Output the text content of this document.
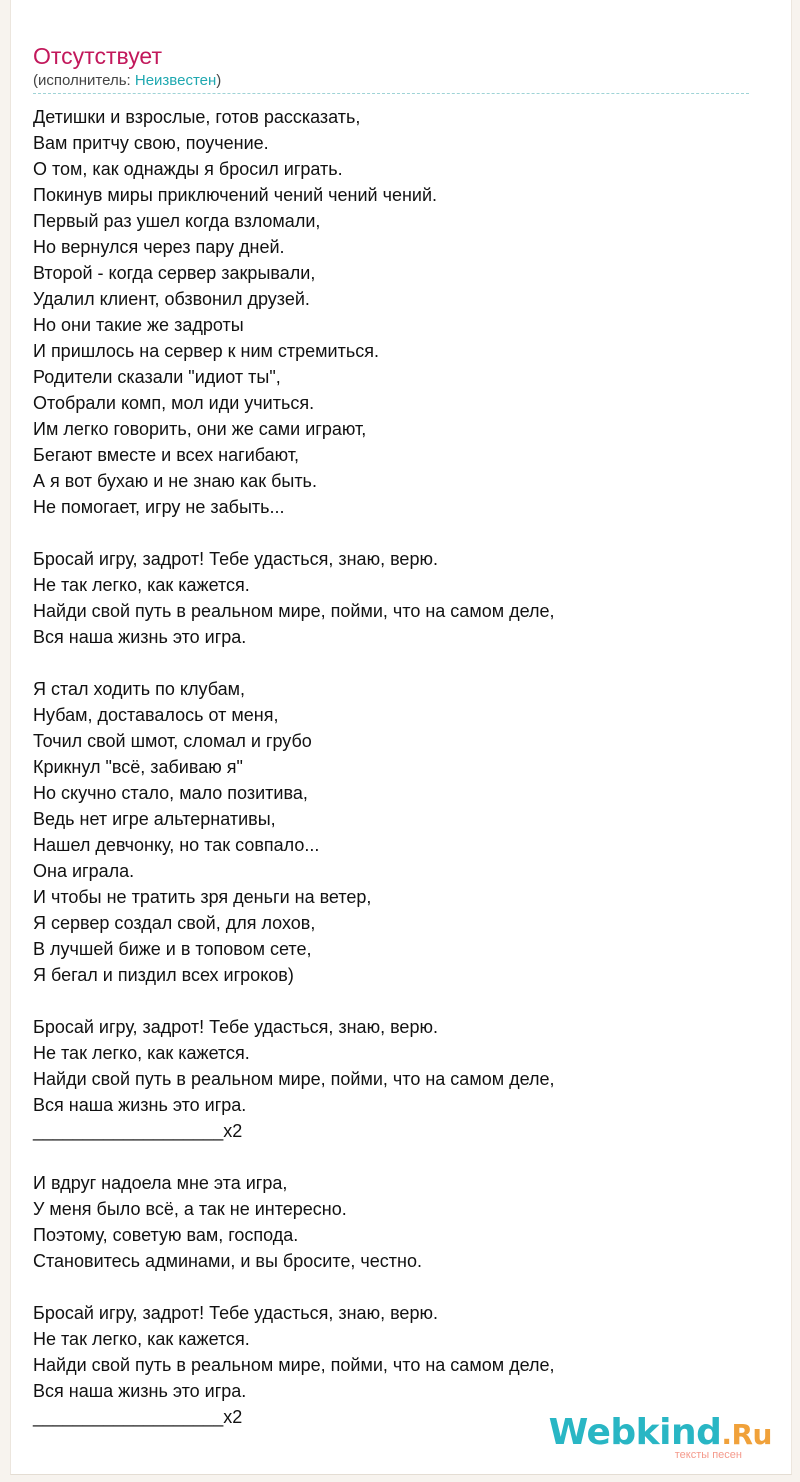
Отсутствует
(исполнитель: Неизвестен)
Детишки и взрослые, готов рассказать,
Вам притчу свою, поучение.
О том, как однажды я бросил играть.
Покинув миры приключений чений чений чений.
Первый раз ушел когда взломали,
Но вернулся через пару дней.
Второй - когда сервер закрывали,
Удалил клиент, обзвонил друзей.
Но они такие же задроты
И пришлось на сервер к ним стремиться.
Родители сказали "идиот ты",
Отобрали комп, мол иди учиться.
Им легко говорить, они же сами играют,
Бегают вместе и всех нагибают,
А я вот бухаю и не знаю как быть.
Не помогает, игру не забыть...
Бросай игру, задрот! Тебе удасться, знаю, верю.
Не так легко, как кажется.
Найди свой путь в реальном мире, пойми, что на самом деле,
Вся наша жизнь это игра.
Я стал ходить по клубам,
Нубам, доставалось от меня,
Точил свой шмот, сломал и грубо
Крикнул "всё, забиваю я"
Но скучно стало, мало позитива,
Ведь нет игре альтернативы,
Нашел девчонку, но так совпало...
Она играла.
И чтобы не тратить зря деньги на ветер,
Я сервер создал свой, для лохов,
В лучшей бижe и в топовом сете,
Я бегал и пиздил всех игроков)
Бросай игру, задрот! Тебе удасться, знаю, верю.
Не так легко, как кажется.
Найди свой путь в реальном мире, пойми, что на самом деле,
Вся наша жизнь это игра.
___________________x2
И вдруг надоела мне эта игра,
У меня было всё, а так не интересно.
Поэтому, советую вам, господа.
Становитесь админами, и вы бросите, честно.
Бросай игру, задрот! Тебе удасться, знаю, верю.
Не так легко, как кажется.
Найди свой путь в реальном мире, пойми, что на самом деле,
Вся наша жизнь это игра.
___________________x2	Webkind.Ru
тексты песен
